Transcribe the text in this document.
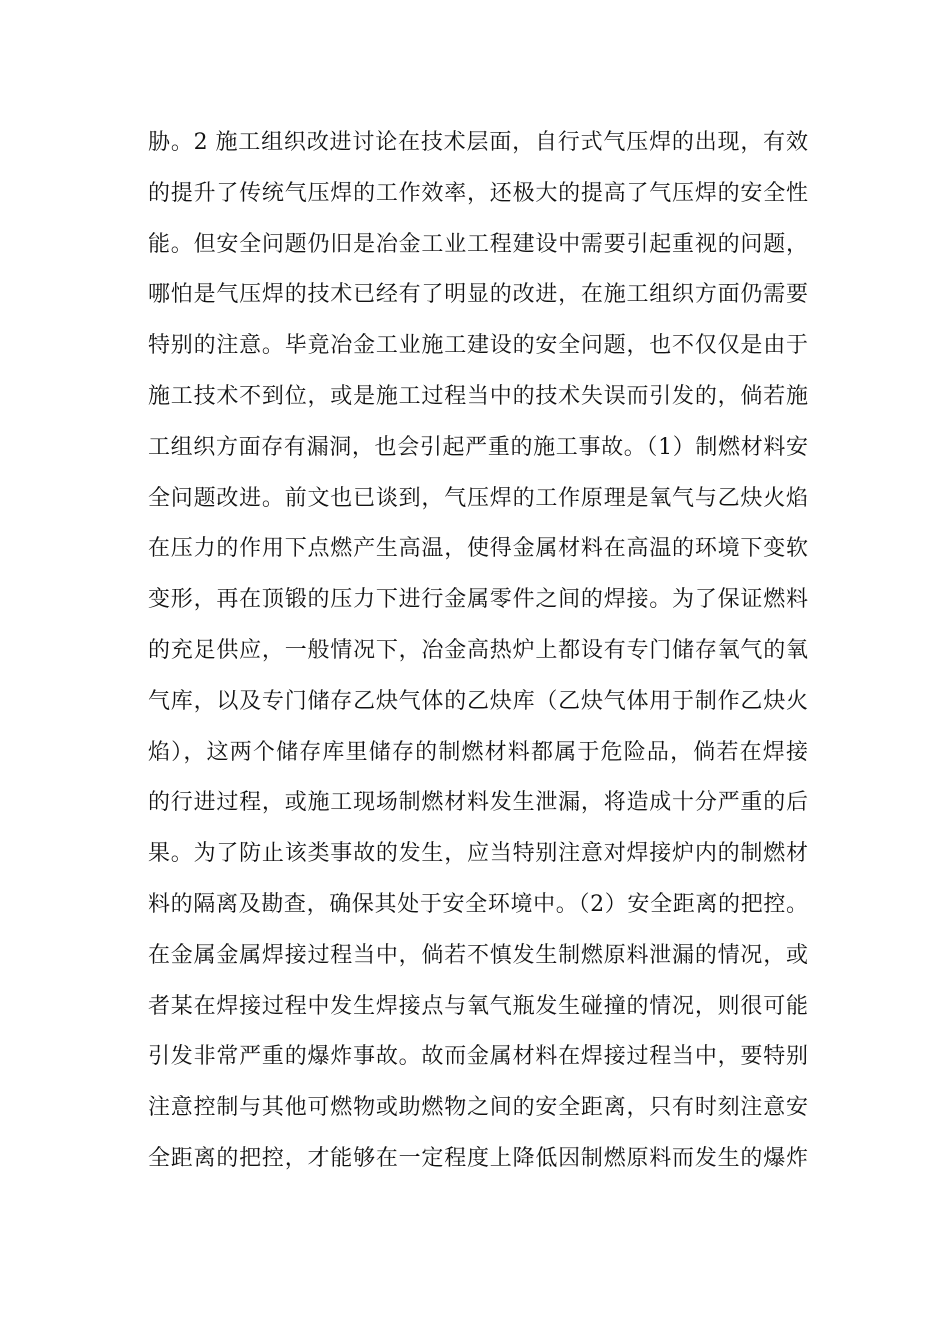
胁。2 施工组织改进讨论在技术层面，自行式气压焊的出现，有效
的提升了传统气压焊的工作效率，还极大的提高了气压焊的安全性
能。但安全问题仍旧是冶金工业工程建设中需要引起重视的问题，
哪怕是气压焊的技术已经有了明显的改进，在施工组织方面仍需要
特别的注意。毕竟冶金工业施工建设的安全问题，也不仅仅是由于
施工技术不到位，或是施工过程当中的技术失误而引发的，倘若施
工组织方面存有漏洞，也会引起严重的施工事故。（1）制燃材料安
全问题改进。前文也已谈到，气压焊的工作原理是氧气与乙炔火焰
在压力的作用下点燃产生高温，使得金属材料在高温的环境下变软
变形，再在顶锻的压力下进行金属零件之间的焊接。为了保证燃料
的充足供应，一般情况下，冶金高热炉上都设有专门储存氧气的氧
气库，以及专门储存乙炔气体的乙炔库（乙炔气体用于制作乙炔火
焰），这两个储存库里储存的制燃材料都属于危险品，倘若在焊接
的行进过程，或施工现场制燃材料发生泄漏，将造成十分严重的后
果。为了防止该类事故的发生，应当特别注意对焊接炉内的制燃材
料的隔离及勘查，确保其处于安全环境中。（2）安全距离的把控。
在金属金属焊接过程当中，倘若不慎发生制燃原料泄漏的情况，或
者某在焊接过程中发生焊接点与氧气瓶发生碰撞的情况，则很可能
引发非常严重的爆炸事故。故而金属材料在焊接过程当中，要特别
注意控制与其他可燃物或助燃物之间的安全距离，只有时刻注意安
全距离的把控，才能够在一定程度上降低因制燃原料而发生的爆炸
